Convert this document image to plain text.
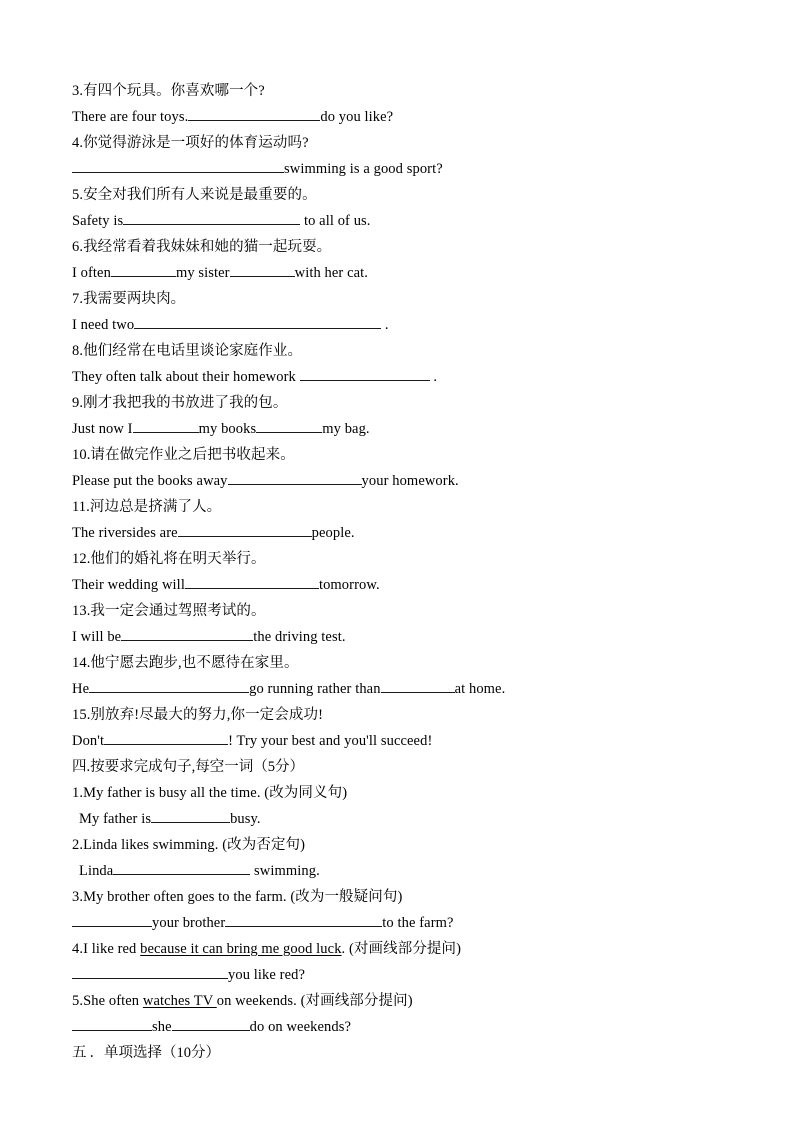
3.有四个玩具。你喜欢哪一个?
There are four toys.	do you like?
4.你觉得游泳是一项好的体育运动吗?
swimming is a good sport?
5.安全对我们所有人来说是最重要的。
Safety is	to all of us.
6.我经常看着我妹妹和她的猫一起玩耍。
I often	my sister	with her cat.
7.我需要两块肉。
I need two	.
8.他们经常在电话里谈论家庭作业。
They often talk about their homework	.
9.刚才我把我的书放进了我的包。
Just now I	my books	my bag.
10.请在做完作业之后把书收起来。
Please put the books away	your homework.
11.河边总是挤满了人。
The riversides are	people.
12.他们的婚礼将在明天举行。
Their wedding will	tomorrow.
13.我一定会通过驾照考试的。
I will be	the driving test.
14.他宁愿去跑步,也不愿待在家里。
He	go running rather than	at home.
15.别放弃!尽最大的努力,你一定会成功!
Don't	! Try your best and you'll succeed!
四.按要求完成句子,每空一词（5分）
1.My father is busy all the time. (改为同义句)
My father is	busy.
2.Linda likes swimming. (改为否定句)
Linda	swimming.
3.My brother often goes to the farm. (改为一般疑问句)
your brother	to the farm?
4.I like red because it can bring me good luck. (对画线部分提问)
you like red?
5.She often watches TV on weekends. (对画线部分提问)
she	do on weekends?
五．单项选择（10分）
